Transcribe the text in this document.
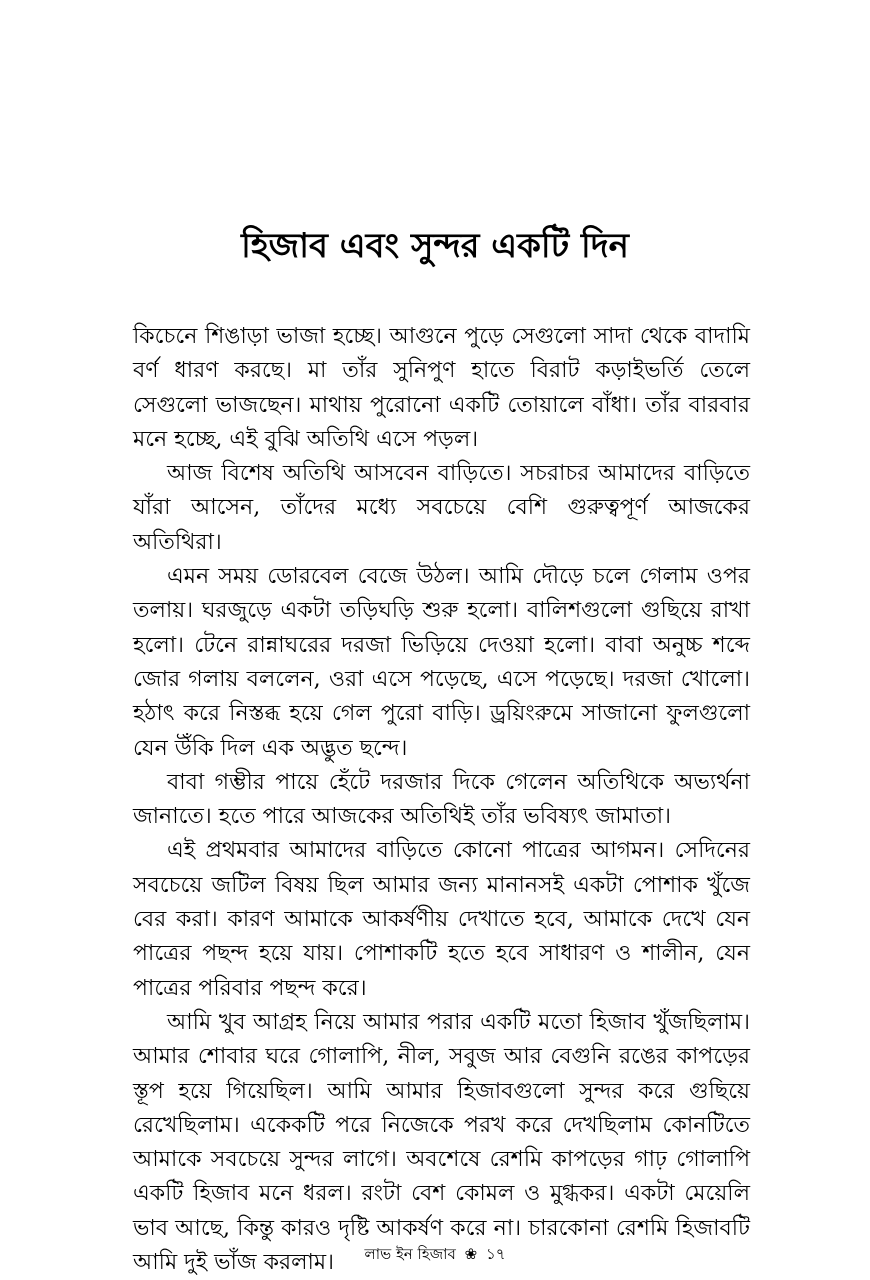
হিজাব এবং সুন্দর একটি দিন

কিচেনে শিঙাড়া ভাজা হচ্ছে। আগুনে পুড়ে সেগুলো সাদা থেকে বাদামি বর্ণ ধারণ করছে। মা তাঁর সুনিপুণ হাতে বিরাট কড়াইভর্তি তেলে সেগুলো ভাজছেন। মাথায় পুরোনো একটি তোয়ালে বাঁধা। তাঁর বারবার মনে হচ্ছে, এই বুঝি অতিথি এসে পড়ল।

আজ বিশেষ অতিথি আসবেন বাড়িতে। সচরাচর আমাদের বাড়িতে যাঁরা আসেন, তাঁদের মধ্যে সবচেয়ে বেশি গুরুত্বপূর্ণ আজকের অতিথিরা।

এমন সময় ডোরবেল বেজে উঠল। আমি দৌড়ে চলে গেলাম ওপর তলায়। ঘরজুড়ে একটা তড়িঘড়ি শুরু হলো। বালিশগুলো গুছিয়ে রাখা হলো। টেনে রান্নাঘরের দরজা ভিড়িয়ে দেওয়া হলো। বাবা অনুচ্চ শব্দে জোর গলায় বললেন, ওরা এসে পড়েছে, এসে পড়েছে। দরজা খোলো। হঠাৎ করে নিস্তব্ধ হয়ে গেল পুরো বাড়ি। ড্রয়িংরুমে সাজানো ফুলগুলো যেন উঁকি দিল এক অদ্ভুত ছন্দে।

বাবা গম্ভীর পায়ে হেঁটে দরজার দিকে গেলেন অতিথিকে অভ্যর্থনা জানাতে। হতে পারে আজকের অতিথিই তাঁর ভবিষ্যৎ জামাতা।

এই প্রথমবার আমাদের বাড়িতে কোনো পাত্রের আগমন। সেদিনের সবচেয়ে জটিল বিষয় ছিল আমার জন্য মানানসই একটা পোশাক খুঁজে বের করা। কারণ আমাকে আকর্ষণীয় দেখাতে হবে, আমাকে দেখে যেন পাত্রের পছন্দ হয়ে যায়। পোশাকটি হতে হবে সাধারণ ও শালীন, যেন পাত্রের পরিবার পছন্দ করে।

আমি খুব আগ্রহ নিয়ে আমার পরার একটি মতো হিজাব খুঁজছিলাম। আমার শোবার ঘরে গোলাপি, নীল, সবুজ আর বেগুনি রঙের কাপড়ের স্তূপ হয়ে গিয়েছিল। আমি আমার হিজাবগুলো সুন্দর করে গুছিয়ে রেখেছিলাম। একেকটি পরে নিজেকে পরখ করে দেখছিলাম কোনটিতে আমাকে সবচেয়ে সুন্দর লাগে। অবশেষে রেশমি কাপড়ের গাঢ় গোলাপি একটি হিজাব মনে ধরল। রংটা বেশ কোমল ও মুগ্ধকর। একটা মেয়েলি ভাব আছে, কিন্তু কারও দৃষ্টি আকর্ষণ করে না। চারকোনা রেশমি হিজাবটি আমি দুই ভাঁজ করলাম।	লাভ ইন হিজাব ❀ ১৭
